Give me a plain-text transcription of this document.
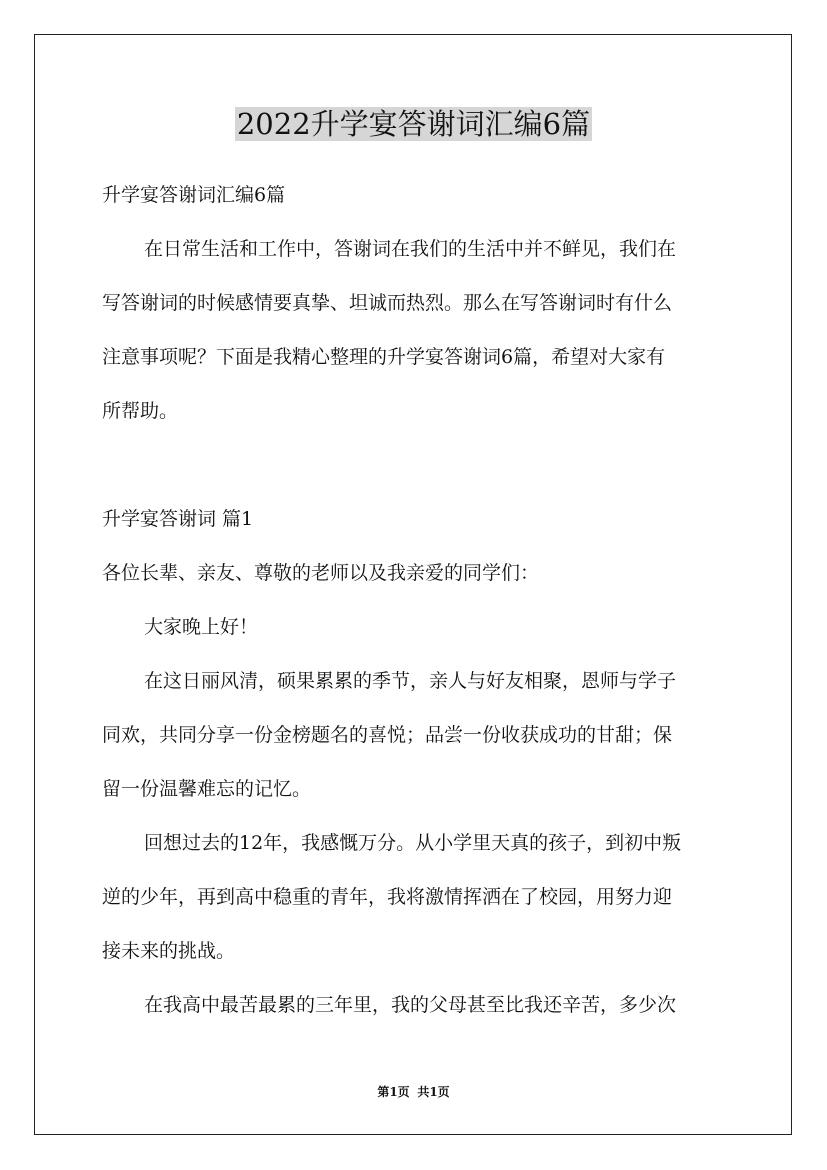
2022升学宴答谢词汇编6篇

升学宴答谢词汇编6篇

在日常生活和工作中，答谢词在我们的生活中并不鲜见，我们在
写答谢词的时候感情要真挚、坦诚而热烈。那么在写答谢词时有什么
注意事项呢？下面是我精心整理的升学宴答谢词6篇，希望对大家有
所帮助。

升学宴答谢词 篇1

各位长辈、亲友、尊敬的老师以及我亲爱的同学们：

大家晚上好！

在这日丽风清，硕果累累的季节，亲人与好友相聚，恩师与学子
同欢，共同分享一份金榜题名的喜悦；品尝一份收获成功的甘甜；保
留一份温馨难忘的记忆。

回想过去的12年，我感慨万分。从小学里天真的孩子，到初中叛
逆的少年，再到高中稳重的青年，我将激情挥洒在了校园，用努力迎
接未来的挑战。

在我高中最苦最累的三年里，我的父母甚至比我还辛苦，多少次

第1页 共1页
